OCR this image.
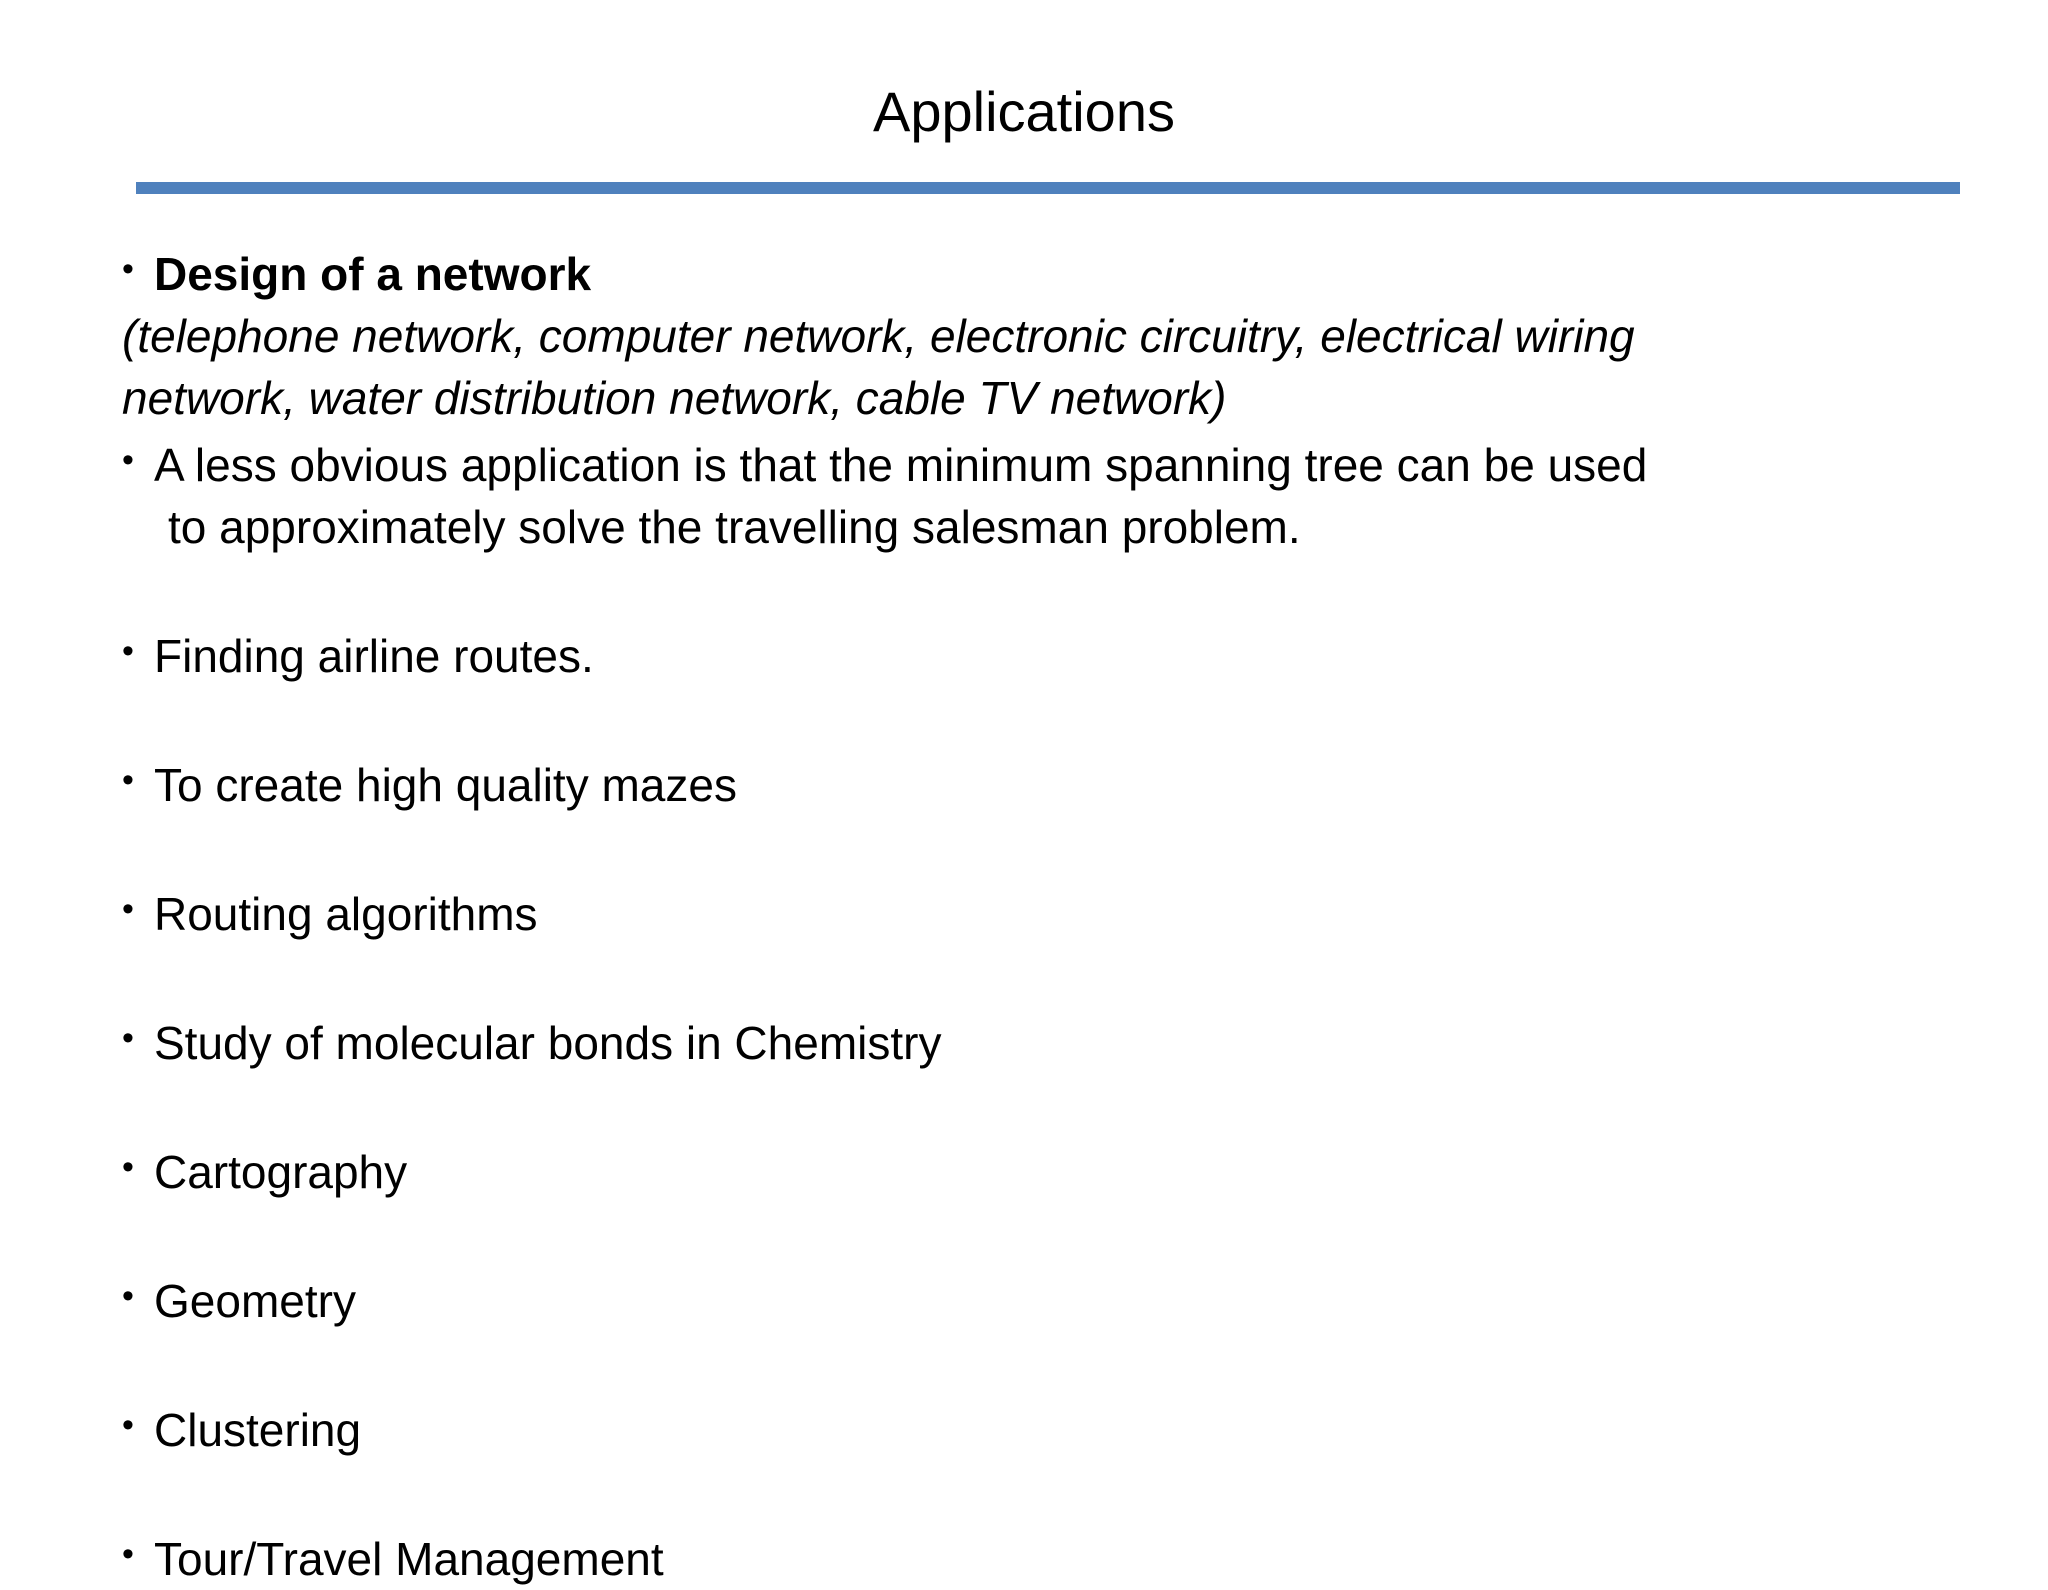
Applications
• Design of a network
(telephone network, computer network, electronic circuitry, electrical wiring
network, water distribution network, cable TV network)
• A less obvious application is that the minimum spanning tree can be used
to approximately solve the travelling salesman problem.
• Finding airline routes.
• To create high quality mazes
• Routing algorithms
• Study of molecular bonds in Chemistry
• Cartography
• Geometry
• Clustering
• Tour/Travel Management
